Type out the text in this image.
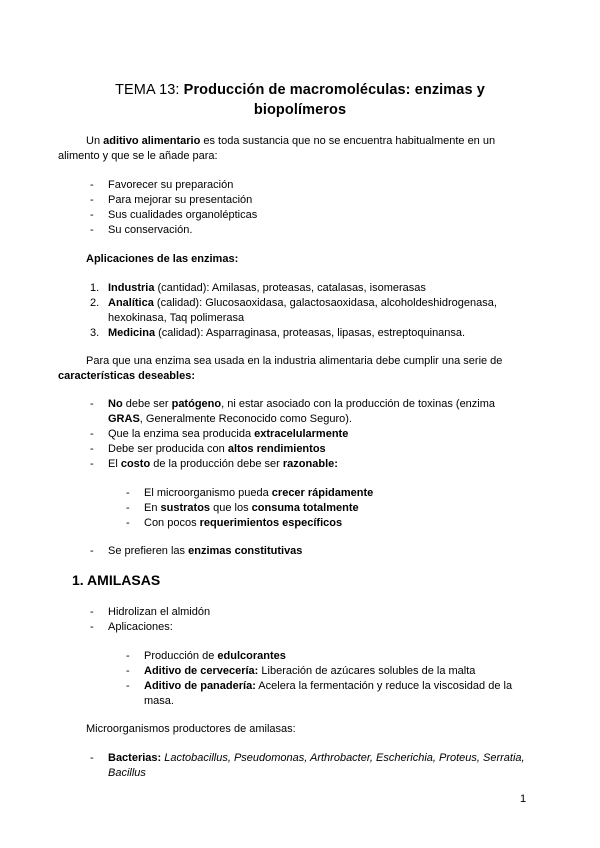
TEMA 13: Producción de macromoléculas: enzimas y
biopolímeros
Un aditivo alimentario es toda sustancia que no se encuentra habitualmente en un
alimento y que se le añade para:
- Favorecer su preparación
- Para mejorar su presentación
- Sus cualidades organolépticas
- Su conservación.
Aplicaciones de las enzimas:
1. Industria (cantidad): Amilasas, proteasas, catalasas, isomerasas
2. Analítica (calidad): Glucosaoxidasa, galactosaoxidasa, alcoholdeshidrogenasa,
hexokinasa, Taq polimerasa
3. Medicina (calidad): Asparraginasa, proteasas, lipasas, estreptoquinansa.
Para que una enzima sea usada en la industria alimentaria debe cumplir una serie de
características deseables:
- No debe ser patógeno, ni estar asociado con la producción de toxinas (enzima
GRAS, Generalmente Reconocido como Seguro).
- Que la enzima sea producida extracelularmente
- Debe ser producida con altos rendimientos
- El costo de la producción debe ser razonable:
- El microorganismo pueda crecer rápidamente
- En sustratos que los consuma totalmente
- Con pocos requerimientos específicos
- Se prefieren las enzimas constitutivas
1. AMILASAS
- Hidrolizan el almidón
- Aplicaciones:
- Producción de edulcorantes
- Aditivo de cervecería: Liberación de azúcares solubles de la malta
- Aditivo de panadería: Acelera la fermentación y reduce la viscosidad de la
masa.
Microorganismos productores de amilasas:
- Bacterias: Lactobacillus, Pseudomonas, Arthrobacter, Escherichia, Proteus, Serratia,
Bacillus
1
